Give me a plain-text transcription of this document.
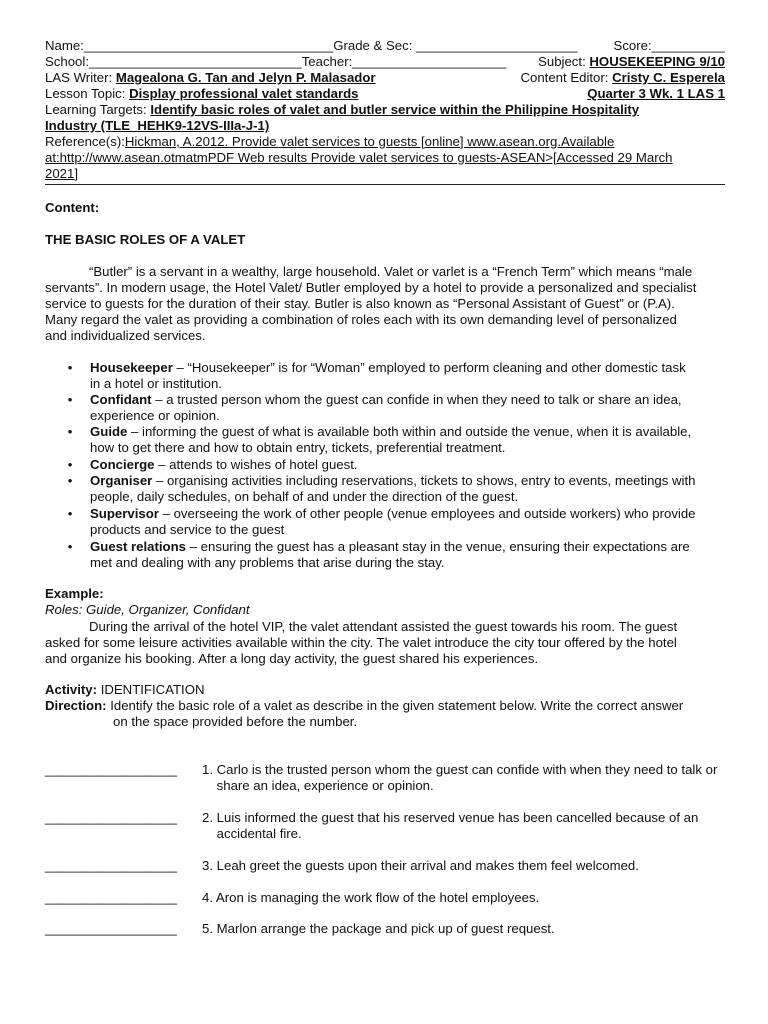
Name:__________________________________Grade & Sec: ______________________	Score:__________
School:_____________________________Teacher:_____________________ Subject: HOUSEKEEPING 9/10
LAS Writer: Magealona G. Tan and Jelyn P. Malasador	Content Editor: Cristy C. Esperela
Lesson Topic: Display professional valet standards	Quarter 3 Wk. 1 LAS 1
Learning Targets: Identify basic roles of valet and butler service within the Philippine Hospitality
Industry (TLE_HEHK9-12VS-IIIa-J-1)
Reference(s):Hickman, A.2012. Provide valet services to guests [online] www.asean.org.Available
at:http://www.asean.otmatmPDF Web results Provide valet services to guests-ASEAN>[Accessed 29 March
2021]
Content:
THE BASIC ROLES OF A VALET
“Butler” is a servant in a wealthy, large household. Valet or varlet is a “French Term” which means “male
servants”. In modern usage, the Hotel Valet/ Butler employed by a hotel to provide a personalized and specialist
service to guests for the duration of their stay. Butler is also known as “Personal Assistant of Guest” or (P.A).
Many regard the valet as providing a combination of roles each with its own demanding level of personalized
and individualized services.
• Housekeeper – “Housekeeper” is for “Woman” employed to perform cleaning and other domestic task
in a hotel or institution.
• Confidant – a trusted person whom the guest can confide in when they need to talk or share an idea,
experience or opinion.
• Guide – informing the guest of what is available both within and outside the venue, when it is available,
how to get there and how to obtain entry, tickets, preferential treatment.
• Concierge – attends to wishes of hotel guest.
• Organiser – organising activities including reservations, tickets to shows, entry to events, meetings with
people, daily schedules, on behalf of and under the direction of the guest.
• Supervisor – overseeing the work of other people (venue employees and outside workers) who provide
products and service to the guest
• Guest relations – ensuring the guest has a pleasant stay in the venue, ensuring their expectations are
met and dealing with any problems that arise during the stay.
Example:
Roles: Guide, Organizer, Confidant
During the arrival of the hotel VIP, the valet attendant assisted the guest towards his room. The guest
asked for some leisure activities available within the city. The valet introduce the city tour offered by the hotel
and organize his booking. After a long day activity, the guest shared his experiences.
Activity: IDENTIFICATION
Direction: Identify the basic role of a valet as describe in the given statement below. Write the correct answer
on the space provided before the number.
__________________ 1. Carlo is the trusted person whom the guest can confide with when they need to talk or
share an idea, experience or opinion.
__________________ 2. Luis informed the guest that his reserved venue has been cancelled because of an
accidental fire.
__________________ 3. Leah greet the guests upon their arrival and makes them feel welcomed.
__________________ 4. Aron is managing the work flow of the hotel employees.
__________________ 5. Marlon arrange the package and pick up of guest request.
